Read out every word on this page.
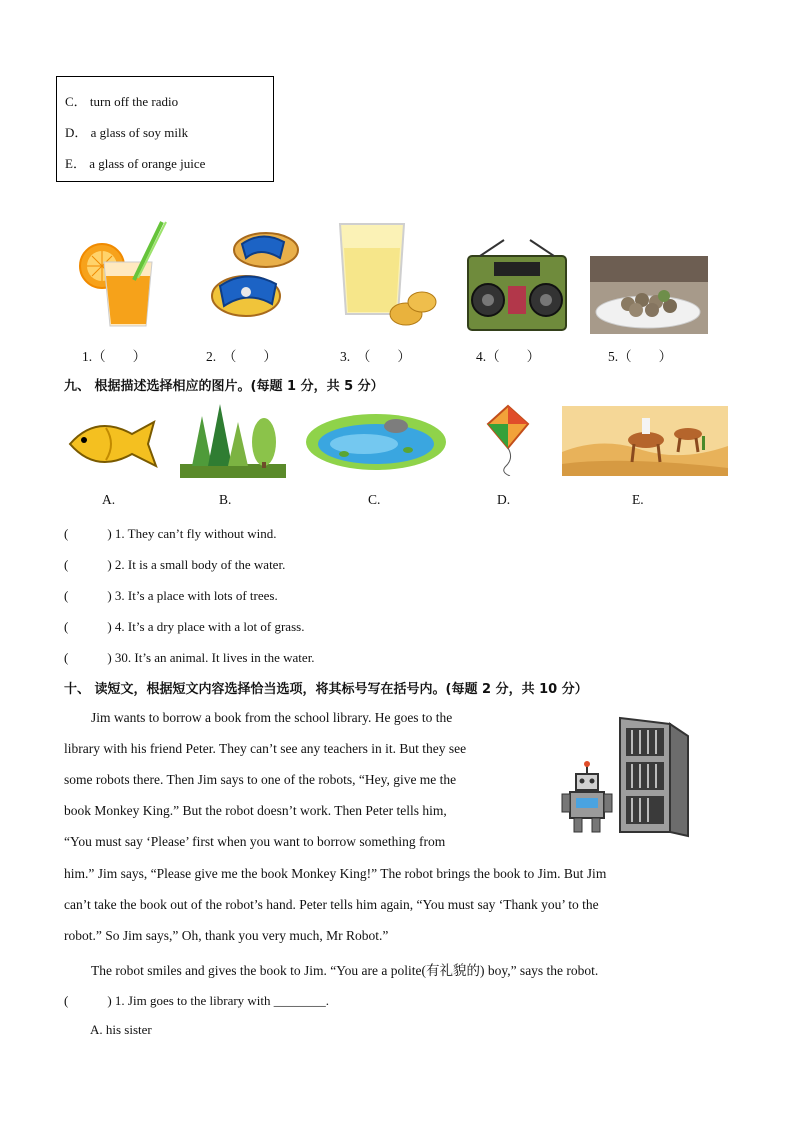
C． turn off the radio
D． a glass of soy milk
E． a glass of orange juice
1.（　　）	2.　（　　）	3.　（　　）	4.（　　）	5.（　　）
九、 根据描述选择相应的图片。(每题 1 分，共 5 分）
A.	B.	C.	D.	E.
(　　　) 1. They can’t fly without wind.
(　　　) 2. It is a small body of the water.
(　　　) 3. It’s a place with lots of trees.
(　　　) 4. It’s a dry place with a lot of grass.
(　　　) 30. It’s an animal. It lives in the water.
十、 读短文，根据短文内容选择恰当选项，将其标号写在括号内。(每题 2 分，共 10 分）
Jim wants to borrow a book from the school library. He goes to the
library with his friend Peter. They can’t see any teachers in it. But they see
some robots there. Then Jim says to one of the robots, “Hey, give me the
book Monkey King.” But the robot doesn’t work. Then Peter tells him,
“You must say ‘Please’ first when you want to borrow something from
him.” Jim says, “Please give me the book Monkey King!” The robot brings the book to Jim. But Jim
can’t take the book out of the robot’s hand. Peter tells him again, “You must say ‘Thank you’ to the
robot.” So Jim says,” Oh, thank you very much, Mr Robot.”
The robot smiles and gives the book to Jim. “You are a polite(有礼貌的) boy,” says the robot.
(　　　) 1. Jim goes to the library with ________.
A. his sister
